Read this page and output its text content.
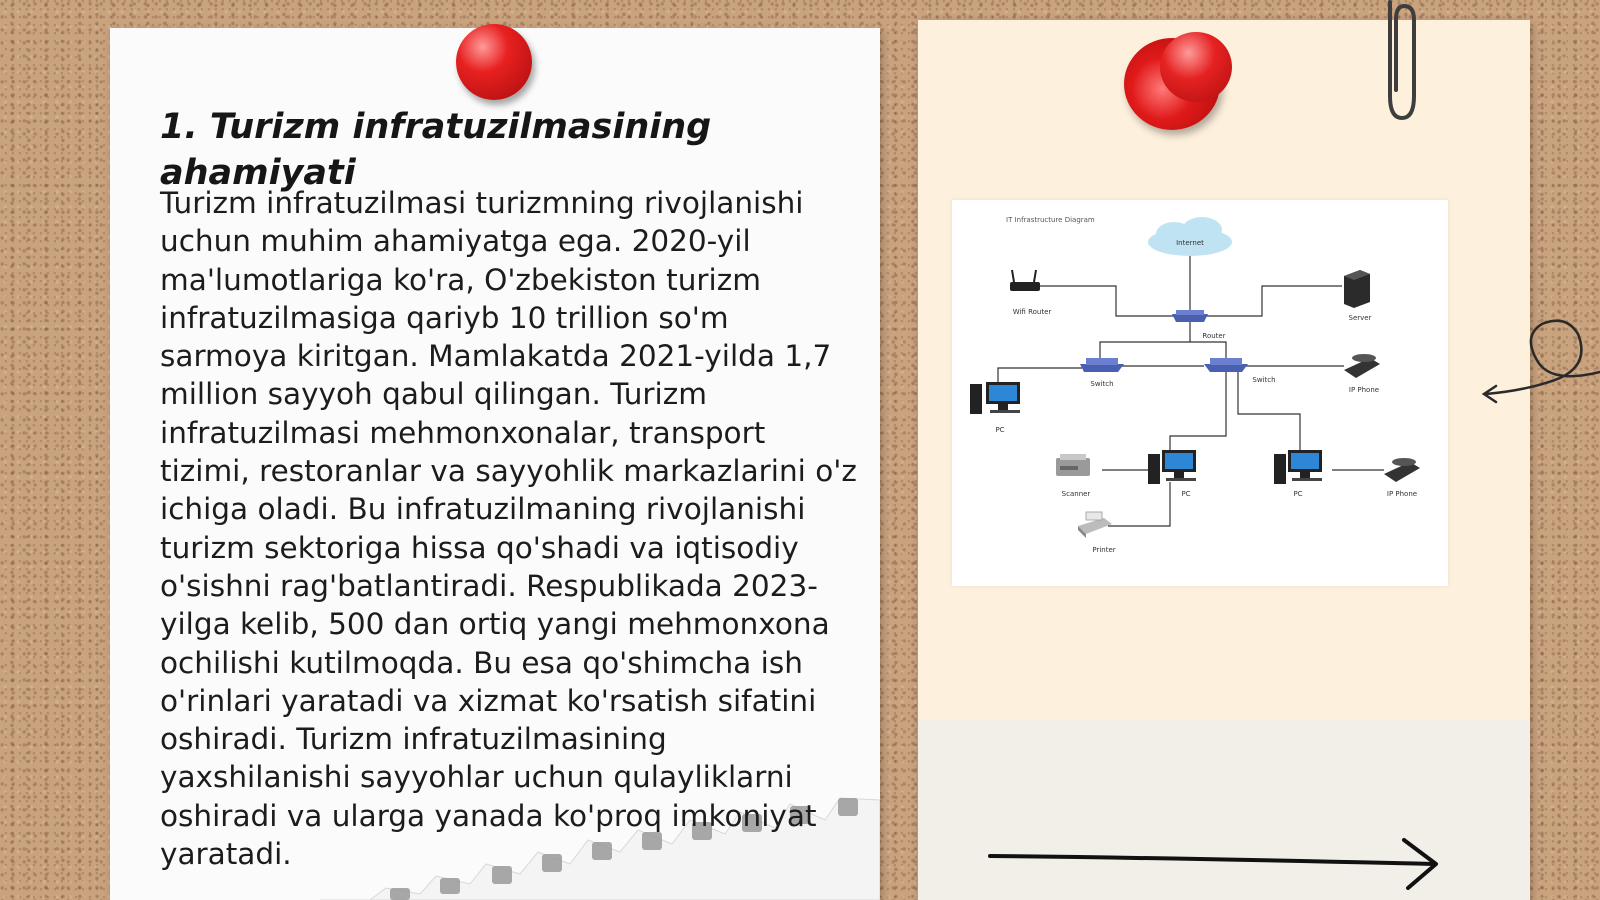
1. Turizm infratuzilmasining ahamiyati

Turizm infratuzilmasi turizmning rivojlanishi uchun muhim ahamiyatga ega. 2020-yil ma'lumotlariga ko'ra, O'zbekiston turizm infratuzilmasiga qariyb 10 trillion so'm sarmoya kiritgan. Mamlakatda 2021-yilda 1,7 million sayyoh qabul qilingan. Turizm infratuzilmasi mehmonxonalar, transport tizimi, restoranlar va sayyohlik markazlarini o'z ichiga oladi. Bu infratuzilmaning rivojlanishi turizm sektoriga hissa qo'shadi va iqtisodiy o'sishni rag'batlantiradi. Respublikada 2023-yilga kelib, 500 dan ortiq yangi mehmonxona ochilishi kutilmoqda. Bu esa qo'shimcha ish o'rinlari yaratadi va xizmat ko'rsatish sifatini oshiradi. Turizm infratuzilmasining yaxshilanishi sayyohlar uchun qulayliklarni oshiradi va ularga yanada ko'proq imkoniyat yaratadi.

IT Infrastructure Diagram
Internet
Wifi Router
Router
Server
Switch	Switch
IP Phone
PC
Scanner	PC	PC	IP Phone
Printer
